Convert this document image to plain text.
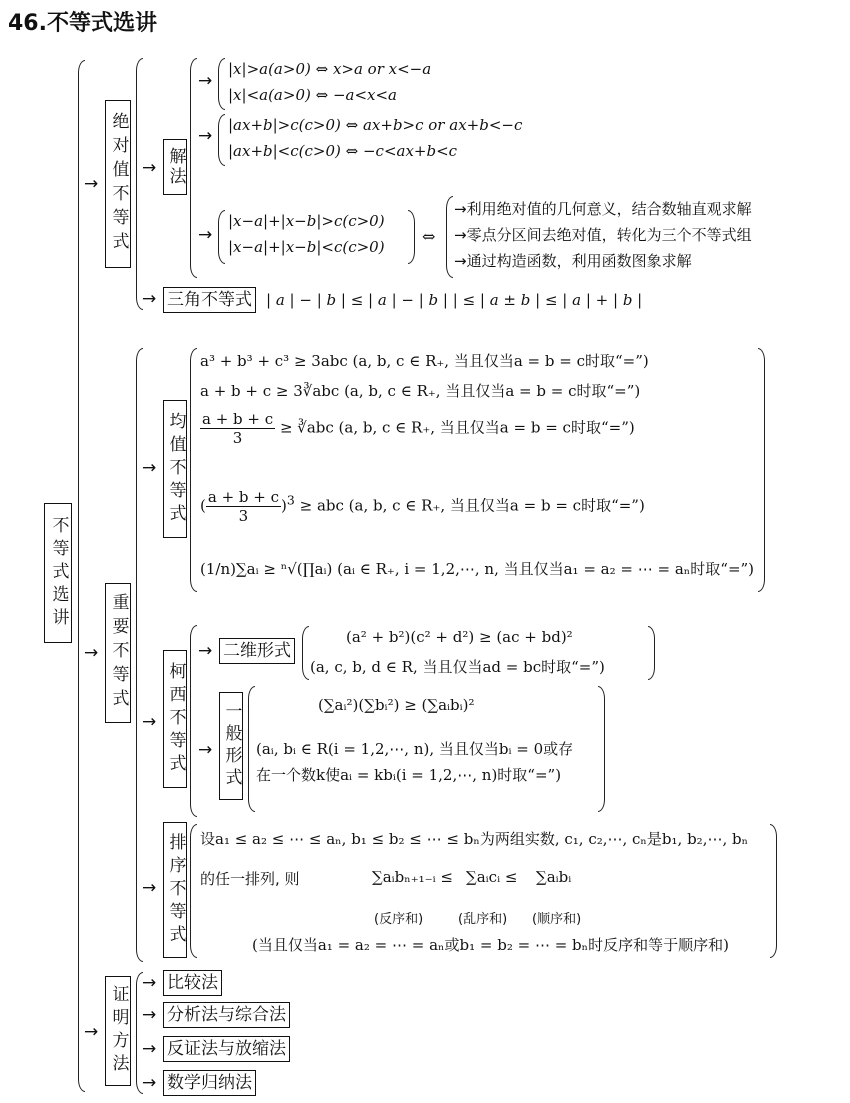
46.不等式选讲
不等式选讲
→ 绝对值不等式 → 解法
→
|x|>a(a>0) ⇔ x>a or x<−a
|x|<a(a>0) ⇔ −a<x<a
→
|ax+b|>c(c>0) ⇔ ax+b>c or ax+b<−c
|ax+b|<c(c>0) ⇔ −c<ax+b<c
→
|x−a|+|x−b|>c(c>0)
|x−a|+|x−b|<c(c>0)
⇔
→利用绝对值的几何意义，结合数轴直观求解
→零点分区间去绝对值，转化为三个不等式组
→通过构造函数，利用函数图象求解
→ 三角不等式 | a | − | b | ≤ | a | − | b | | ≤ | a ± b | ≤ | a | + | b |
→ 重要不等式
→ 均值不等式
a³ + b³ + c³ ≥ 3abc (a, b, c ∈ R₊, 当且仅当a = b = c时取“=”)
a + b + c ≥ 3∛abc (a, b, c ∈ R₊, 当且仅当a = b = c时取“=”)
$\frac{a + b + c}{3}$ ≥ ∛abc (a, b, c ∈ R₊, 当且仅当a = b = c时取“=”)
( $\frac{a + b + c}{3} )^3$ ≥ abc (a, b, c ∈ R₊, 当且仅当a = b = c时取“=”)
(1/n)∑aᵢ ≥ ⁿ√(∏aᵢ) (aᵢ ∈ R₊, i = 1,2,⋯, n, 当且仅当a₁ = a₂ = ⋯ = aₙ时取“=”)
→ 柯西不等式
→ 二维形式
(a² + b²)(c² + d²) ≥ (ac + bd)²
(a, c, b, d ∈ R, 当且仅当ad = bc时取“=”)
→ 一般形式	(∑aᵢ²)(∑bᵢ²) ≥ (∑aᵢbᵢ)²
(aᵢ, bᵢ ∈ R(i = 1,2,⋯, n), 当且仅当bᵢ = 0或存
在一个数k使aᵢ = kbᵢ(i = 1,2,⋯, n)时取“=”)
→ 排序不等式 设a₁ ≤ a₂ ≤ ⋯ ≤ aₙ, b₁ ≤ b₂ ≤ ⋯ ≤ bₙ为两组实数, c₁, c₂,⋯, cₙ是b₁, b₂,⋯, bₙ
的任一排列, 则	∑aᵢbₙ₊₁₋ᵢ ≤ ∑aᵢcᵢ ≤ ∑aᵢbᵢ
(反序和)	(乱序和) (顺序和)
(当且仅当a₁ = a₂ = ⋯ = aₙ或b₁ = b₂ = ⋯ = bₙ时反序和等于顺序和)
→ 证明方法
→ 比较法
→ 分析法与综合法
→ 反证法与放缩法
→ 数学归纳法
